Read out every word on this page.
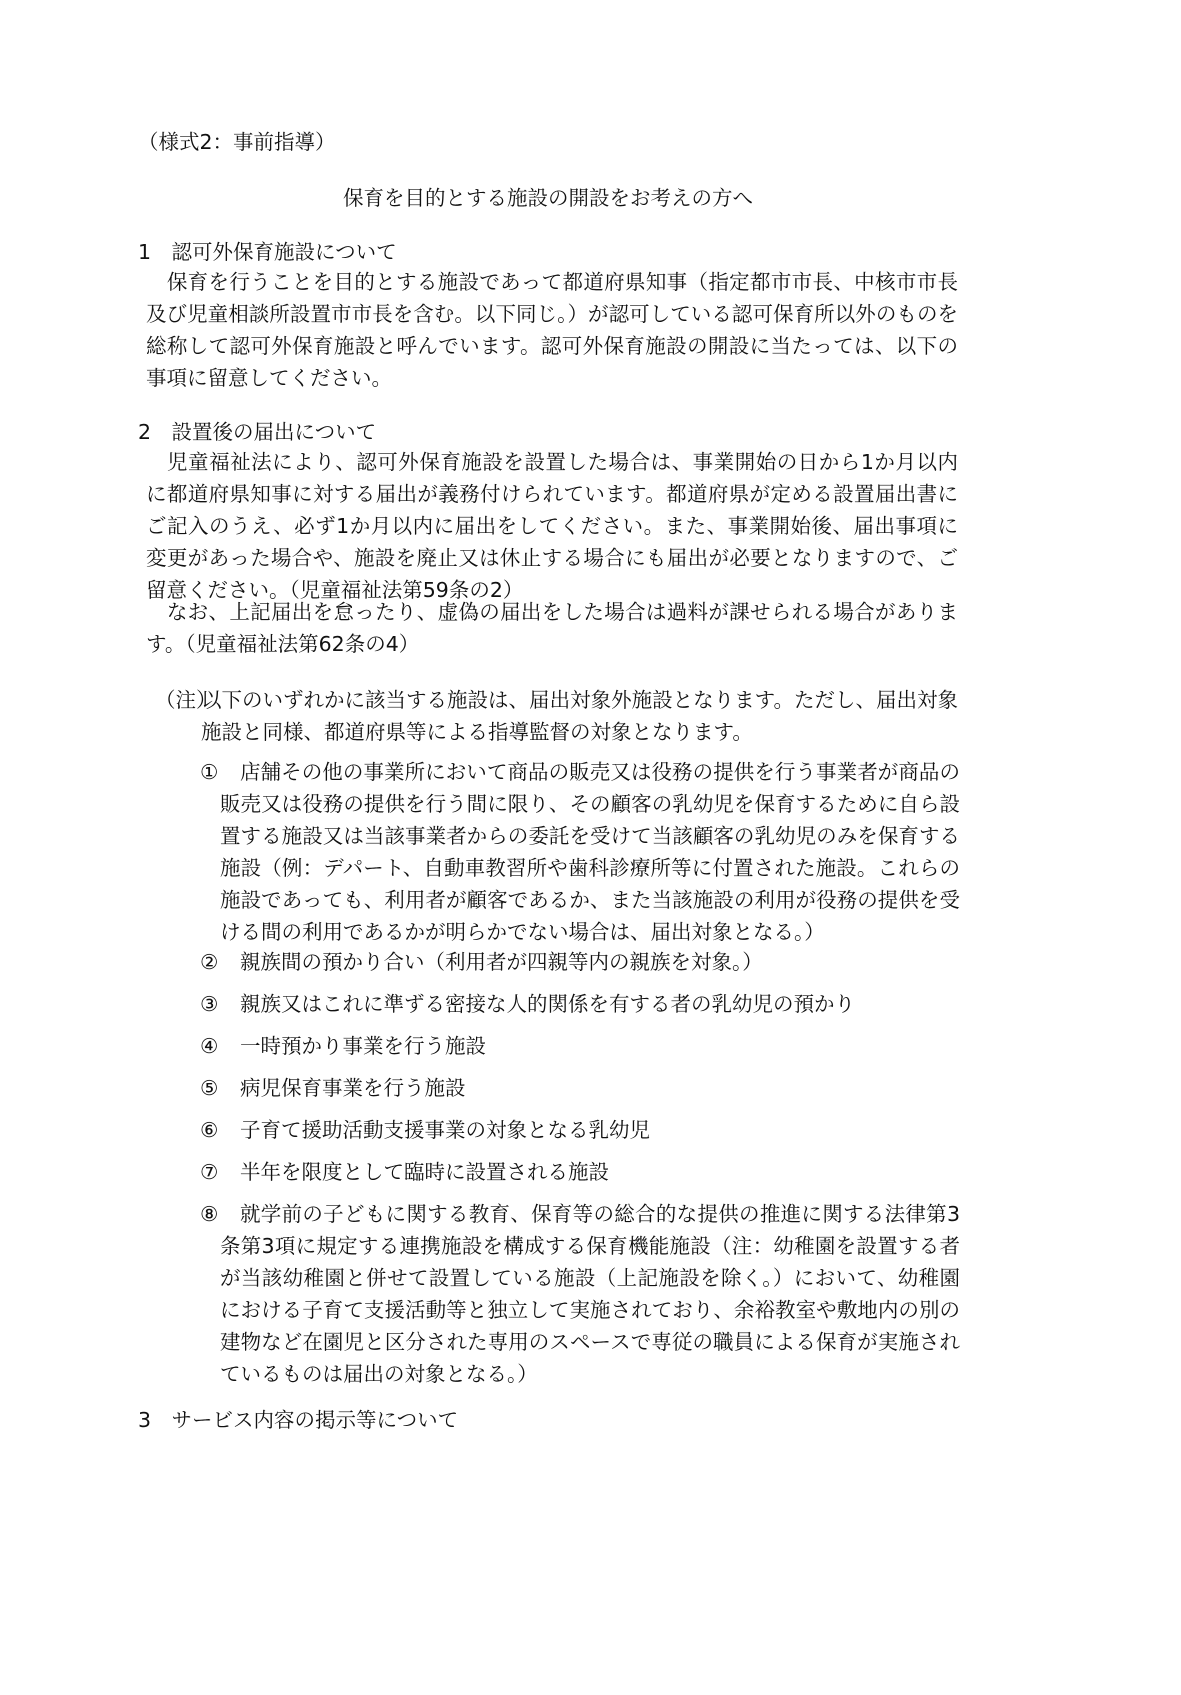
（様式2：事前指導）

保育を目的とする施設の開設をお考えの方へ

1　認可外保育施設について

　保育を行うことを目的とする施設であって都道府県知事（指定都市市長、中核市市長及び児童相談所設置市市長を含む。以下同じ。）が認可している認可保育所以外のものを総称して認可外保育施設と呼んでいます。認可外保育施設の開設に当たっては、以下の事項に留意してください。

2　設置後の届出について

　児童福祉法により、認可外保育施設を設置した場合は、事業開始の日から1か月以内に都道府県知事に対する届出が義務付けられています。都道府県が定める設置届出書にご記入のうえ、必ず1か月以内に届出をしてください。また、事業開始後、届出事項に変更があった場合や、施設を廃止又は休止する場合にも届出が必要となりますので、ご留意ください。（児童福祉法第59条の2）

　なお、上記届出を怠ったり、虚偽の届出をした場合は過料が課せられる場合があります。（児童福祉法第62条の4）

（注）

以下のいずれかに該当する施設は、届出対象外施設となります。ただし、届出対象施設と同様、都道府県等による指導監督の対象となります。

①	店舗その他の事業所において商品の販売又は役務の提供を行う事業者が商品の販売又は役務の提供を行う間に限り、その顧客の乳幼児を保育するために自ら設置する施設又は当該事業者からの委託を受けて当該顧客の乳幼児のみを保育する施設（例：デパート、自動車教習所や歯科診療所等に付置された施設。これらの施設であっても、利用者が顧客であるか、また当該施設の利用が役務の提供を受ける間の利用であるかが明らかでない場合は、届出対象となる。）
②	親族間の預かり合い（利用者が四親等内の親族を対象。）
③	親族又はこれに準ずる密接な人的関係を有する者の乳幼児の預かり
④	一時預かり事業を行う施設
⑤	病児保育事業を行う施設
⑥	子育て援助活動支援事業の対象となる乳幼児
⑦	半年を限度として臨時に設置される施設
⑧	就学前の子どもに関する教育、保育等の総合的な提供の推進に関する法律第3条第3項に規定する連携施設を構成する保育機能施設（注：幼稚園を設置する者が当該幼稚園と併せて設置している施設（上記施設を除く。）において、幼稚園における子育て支援活動等と独立して実施されており、余裕教室や敷地内の別の建物など在園児と区分された専用のスペースで専従の職員による保育が実施されているものは届出の対象となる。）

3　サービス内容の掲示等について
